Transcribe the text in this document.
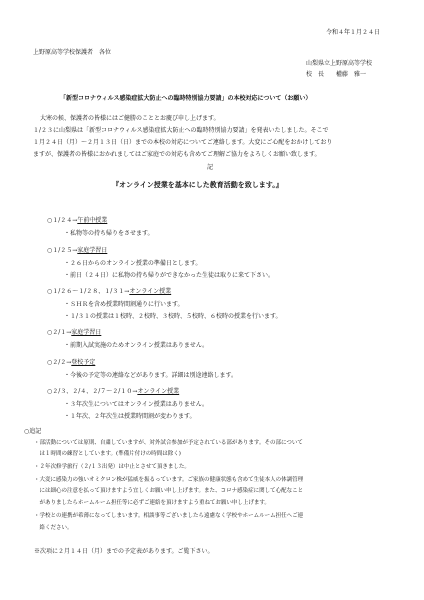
令和４年１月２４日
上野原高等学校保護者　各位
山梨県立上野原高等学校
校　長　　權藤　雅一
「新型コロナウィルス感染症拡大防止への臨時特別協力要請」の本校対応について（お願い）
大寒の候、保護者の皆様にはご健勝のこととお慶び申し上げます。
１/２３に山梨県は「新型コロナウィルス感染症拡大防止への臨時特別協力要請」を発表いたしました。そこで
１月２４日（月）〜２月１３日（日）までの本校の対応についてご連絡します。大変にご心配をおかけしており
ますが、保護者の皆様におかれましてはご家庭での対応も含めてご理解ご協力をよろしくお願い致します。
記
『オンライン授業を基本にした教育活動を致します。』
○１/２４→午前中授業
・私物等の持ち帰りをさせます。
○１/２５→家庭学習日
・２６日からのオンライン授業の準備日とします。
・前日（２４日）に私物の持ち帰りができなかった生徒は取りに来て下さい。
○１/２６〜１/２８、１/３１→オンライン授業
・ＳＨＲを含め授業時間割通りに行います。
・１/３１の授業は１校時、２校時、３校時、５校時、６校時の授業を行います。
○２/１→家庭学習日
・前期入試実施のためオンライン授業はありません。
○２/２→登校予定
・今後の予定等の連絡などがあります。詳細は別途連絡します。
○２/３、２/４、２/７〜２/１０→オンライン授業
・３年次生についてはオンライン授業はありません。
・１年次、２年次生は授業時間割が変わります。
○追記
・部活動については原則、自粛していますが、対外試合参加が予定されている部があります。その部について
　は１時間の練習としています。(準備片付けの時間は除く)
・２年次修学旅行（２/１３出発）は中止とさせて頂きました。
・大変に感染力の強いオミクロン株が猛威を振るっています。ご家族の健康状態も含めて生徒本人の体調管理
　には細心の注意を払って頂けますよう宜しくお願い申し上げます。また、コロナ感染症に関して心配なこと
　がありましたらホームルーム担任等に必ずご連絡を頂けますよう重ねてお願い申し上げます。
・学校との連携が希薄になってしまいます。相談事等ございましたら遠慮なく学校やホームルーム担任へご連
　絡ください。
※次項に２月１４日（月）までの予定表があります。ご覧下さい。
